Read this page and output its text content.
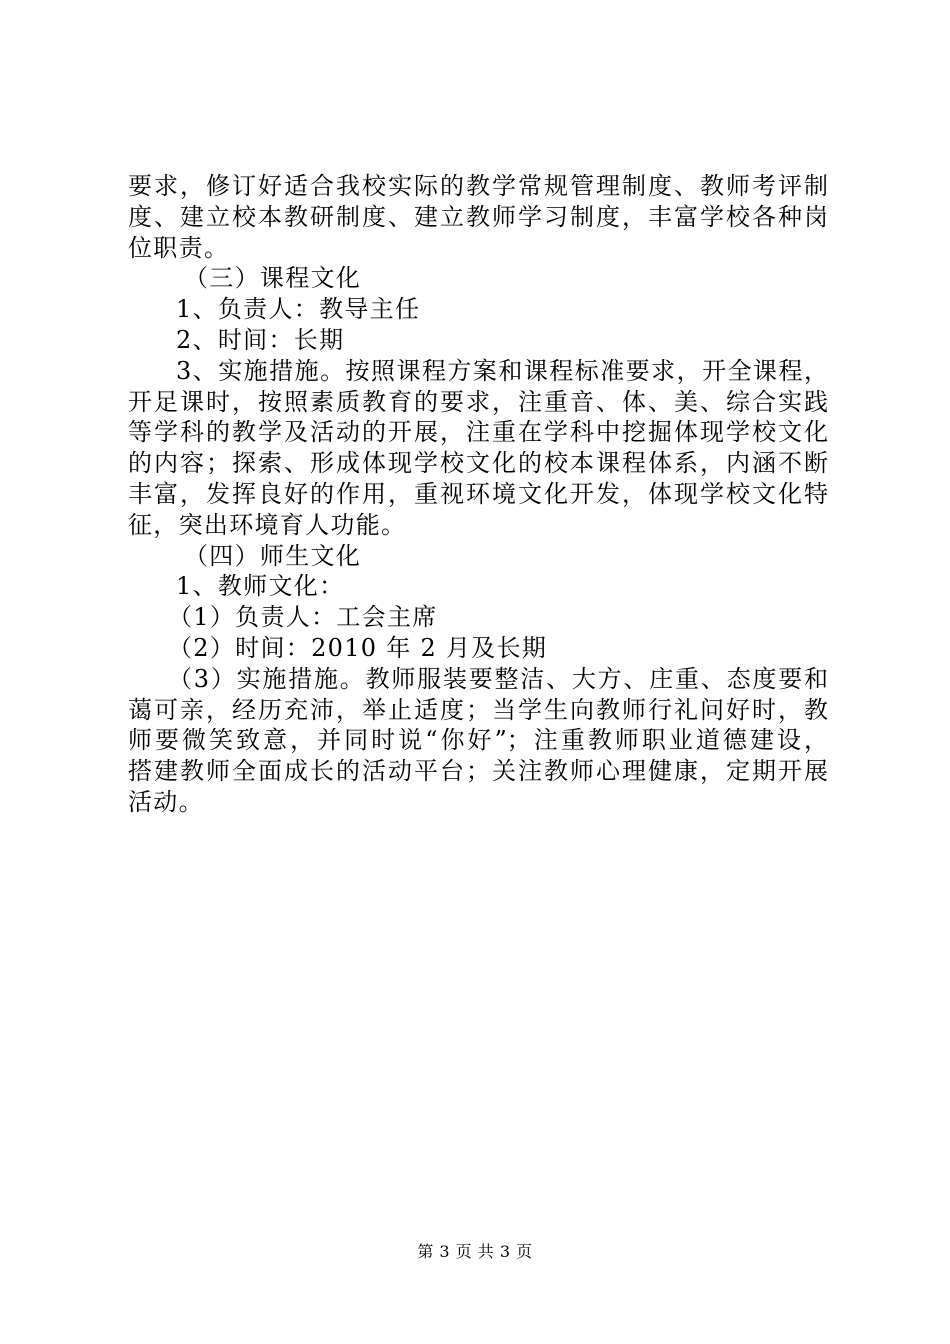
要求，修订好适合我校实际的教学常规管理制度、教师考评制
度、建立校本教研制度、建立教师学习制度，丰富学校各种岗
位职责。
（三）课程文化
1、负责人：教导主任
2、时间：长期
3、实施措施。按照课程方案和课程标准要求，开全课程，
开足课时，按照素质教育的要求，注重音、体、美、综合实践
等学科的教学及活动的开展，注重在学科中挖掘体现学校文化
的内容；探索、形成体现学校文化的校本课程体系，内涵不断
丰富，发挥良好的作用，重视环境文化开发，体现学校文化特
征，突出环境育人功能。
（四）师生文化
1、教师文化：
（1）负责人：工会主席
（2）时间：2010 年 2 月及长期
（3）实施措施。教师服装要整洁、大方、庄重、态度要和
蔼可亲，经历充沛，举止适度；当学生向教师行礼问好时，教
师要微笑致意，并同时说“你好”；注重教师职业道德建设，
搭建教师全面成长的活动平台；关注教师心理健康，定期开展
活动。
第 3 页 共 3 页
